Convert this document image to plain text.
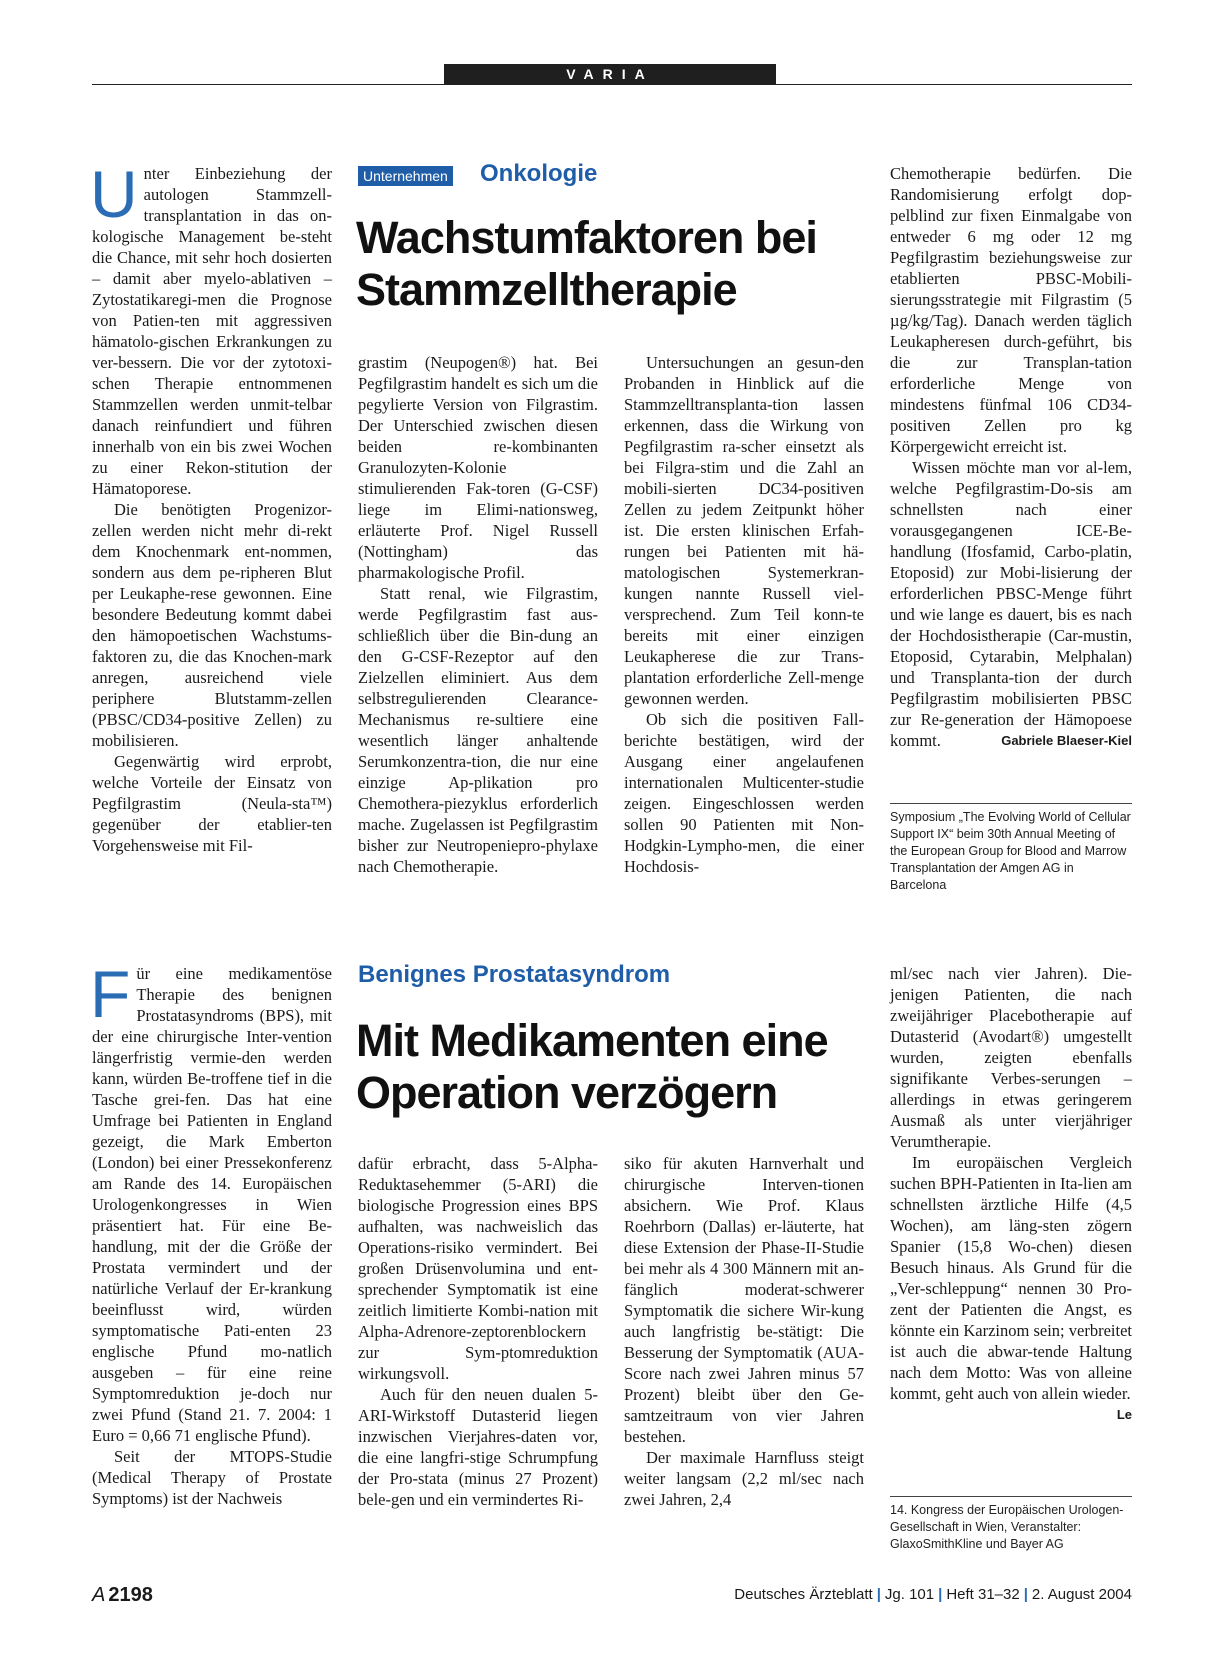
VARIA
Unternehmen Onkologie
Wachstumfaktoren bei
Stammzelltherapie

Unter Einbeziehung der autologen Stammzell-transplantation in das on-kologische Management be-steht die Chance, mit sehr hoch dosierten – damit aber myelo-ablativen – Zytostatikaregi-men die Prognose von Patien-ten mit aggressiven hämatolo-gischen Erkrankungen zu ver-bessern. Die vor der zytotoxi-schen Therapie entnommenen Stammzellen werden unmit-telbar danach reinfundiert und führen innerhalb von ein bis zwei Wochen zu einer Rekon-stitution der Hämatoporese.

Die benötigten Progenizor-zellen werden nicht mehr di-rekt dem Knochenmark ent-nommen, sondern aus dem pe-ripheren Blut per Leukaphe-rese gewonnen. Eine besondere Bedeutung kommt dabei den hämopoetischen Wachstums-faktoren zu, die das Knochen-mark anregen, ausreichend viele periphere Blutstamm-zellen (PBSC/CD34-positive Zellen) zu mobilisieren.

Gegenwärtig wird erprobt, welche Vorteile der Einsatz von Pegfilgrastim (Neula-sta™) gegenüber der etablier-ten Vorgehensweise mit Fil-

grastim (Neupogen®) hat. Bei Pegfilgrastim handelt es sich um die pegylierte Version von Filgrastim. Der Unterschied zwischen diesen beiden re-kombinanten Granulozyten-Kolonie stimulierenden Fak-toren (G-CSF) liege im Elimi-nationsweg, erläuterte Prof. Nigel Russell (Nottingham) das pharmakologische Profil.

Statt renal, wie Filgrastim, werde Pegfilgrastim fast aus-schließlich über die Bin-dung an den G-CSF-Rezeptor auf den Zielzellen eliminiert. Aus dem selbstregulierenden Clearance-Mechanismus re-sultiere eine wesentlich länger anhaltende Serumkonzentra-tion, die nur eine einzige Ap-plikation pro Chemothera-piezyklus erforderlich mache. Zugelassen ist Pegfilgrastim bisher zur Neutropeniepro-phylaxe nach Chemotherapie.

Untersuchungen an gesun-den Probanden in Hinblick auf die Stammzelltransplanta-tion lassen erkennen, dass die Wirkung von Pegfilgrastim ra-scher einsetzt als bei Filgra-stim und die Zahl an mobili-sierten DC34-positiven Zellen zu jedem Zeitpunkt höher ist. Die ersten klinischen Erfah-rungen bei Patienten mit hä-matologischen Systemerkran-kungen nannte Russell viel-versprechend. Zum Teil konn-te bereits mit einer einzigen Leukapherese die zur Trans-plantation erforderliche Zell-menge gewonnen werden.

Ob sich die positiven Fall-berichte bestätigen, wird der Ausgang einer angelaufenen internationalen Multicenter-studie zeigen. Eingeschlossen werden sollen 90 Patienten mit Non-Hodgkin-Lympho-men, die einer Hochdosis-

Chemotherapie bedürfen. Die Randomisierung erfolgt dop-pelblind zur fixen Einmalgabe von entweder 6 mg oder 12 mg Pegfilgrastim beziehungsweise zur etablierten PBSC-Mobili-sierungsstrategie mit Filgrastim (5 µg/kg/Tag). Danach werden täglich Leukapheresen durch-geführt, bis die zur Transplan-tation erforderliche Menge von mindestens fünfmal 106 CD34-positiven Zellen pro kg Körpergewicht erreicht ist.

Wissen möchte man vor al-lem, welche Pegfilgrastim-Do-sis am schnellsten nach einer vorausgegangenen ICE-Be-handlung (Ifosfamid, Carbo-platin, Etoposid) zur Mobi-lisierung der erforderlichen PBSC-Menge führt und wie lange es dauert, bis es nach der Hochdosistherapie (Car-mustin, Etoposid, Cytarabin, Melphalan) und Transplanta-tion der durch Pegfilgrastim mobilisierten PBSC zur Re-generation der Hämopoese kommt.	Gabriele Blaeser-Kiel

Symposium „The Evolving World of Cellular Support IX“ beim 30th Annual Meeting of the European Group for Blood and Marrow Transplantation der Amgen AG in Barcelona
Benignes Prostatasyndrom
Mit Medikamenten eine
Operation verzögern

Für eine medikamentöse Therapie des benignen Prostatasyndroms (BPS), mit der eine chirurgische Inter-vention längerfristig vermie-den werden kann, würden Be-troffene tief in die Tasche grei-fen. Das hat eine Umfrage bei Patienten in England gezeigt, die Mark Emberton (London) bei einer Pressekonferenz am Rande des 14. Europäischen Urologenkongresses in Wien präsentiert hat. Für eine Be-handlung, mit der die Größe der Prostata vermindert und der natürliche Verlauf der Er-krankung beeinflusst wird, würden symptomatische Pati-enten 23 englische Pfund mo-natlich ausgeben – für eine reine Symptomreduktion je-doch nur zwei Pfund (Stand 21. 7. 2004: 1 Euro = 0,66 71 englische Pfund).

Seit der MTOPS-Studie (Medical Therapy of Prostate Symptoms) ist der Nachweis

dafür erbracht, dass 5-Alpha-Reduktasehemmer (5-ARI) die biologische Progression eines BPS aufhalten, was nachweislich das Operations-risiko vermindert. Bei großen Drüsenvolumina und ent-sprechender Symptomatik ist eine zeitlich limitierte Kombi-nation mit Alpha-Adrenore-zeptorenblockern zur Sym-ptomreduktion wirkungsvoll.

Auch für den neuen dualen 5-ARI-Wirkstoff Dutasterid liegen inzwischen Vierjahres-daten vor, die eine langfri-stige Schrumpfung der Pro-stata (minus 27 Prozent) bele-gen und ein vermindertes Ri-

siko für akuten Harnverhalt und chirurgische Interven-tionen absichern. Wie Prof. Klaus Roehrborn (Dallas) er-läuterte, hat diese Extension der Phase-II-Studie bei mehr als 4 300 Männern mit an-fänglich moderat-schwerer Symptomatik die sichere Wir-kung auch langfristig be-stätigt: Die Besserung der Symptomatik (AUA-Score nach zwei Jahren minus 57 Prozent) bleibt über den Ge-samtzeitraum von vier Jahren bestehen.

Der maximale Harnfluss steigt weiter langsam (2,2 ml/sec nach zwei Jahren, 2,4

ml/sec nach vier Jahren). Die-jenigen Patienten, die nach zweijähriger Placebotherapie auf Dutasterid (Avodart®) umgestellt wurden, zeigten ebenfalls signifikante Verbes-serungen – allerdings in etwas geringerem Ausmaß als unter vierjähriger Verumtherapie.

Im europäischen Vergleich suchen BPH-Patienten in Ita-lien am schnellsten ärztliche Hilfe (4,5 Wochen), am läng-sten zögern Spanier (15,8 Wo-chen) diesen Besuch hinaus. Als Grund für die „Ver-schleppung“ nennen 30 Pro-zent der Patienten die Angst, es könnte ein Karzinom sein; verbreitet ist auch die abwar-tende Haltung nach dem Motto: Was von alleine kommt, geht auch von allein wieder.
Le

14. Kongress der Europäischen Urologen-Gesellschaft in Wien, Veranstalter: GlaxoSmithKline und Bayer AG
A 2198	Deutsches Ärzteblatt | Jg. 101 | Heft 31–32 | 2. August 2004
